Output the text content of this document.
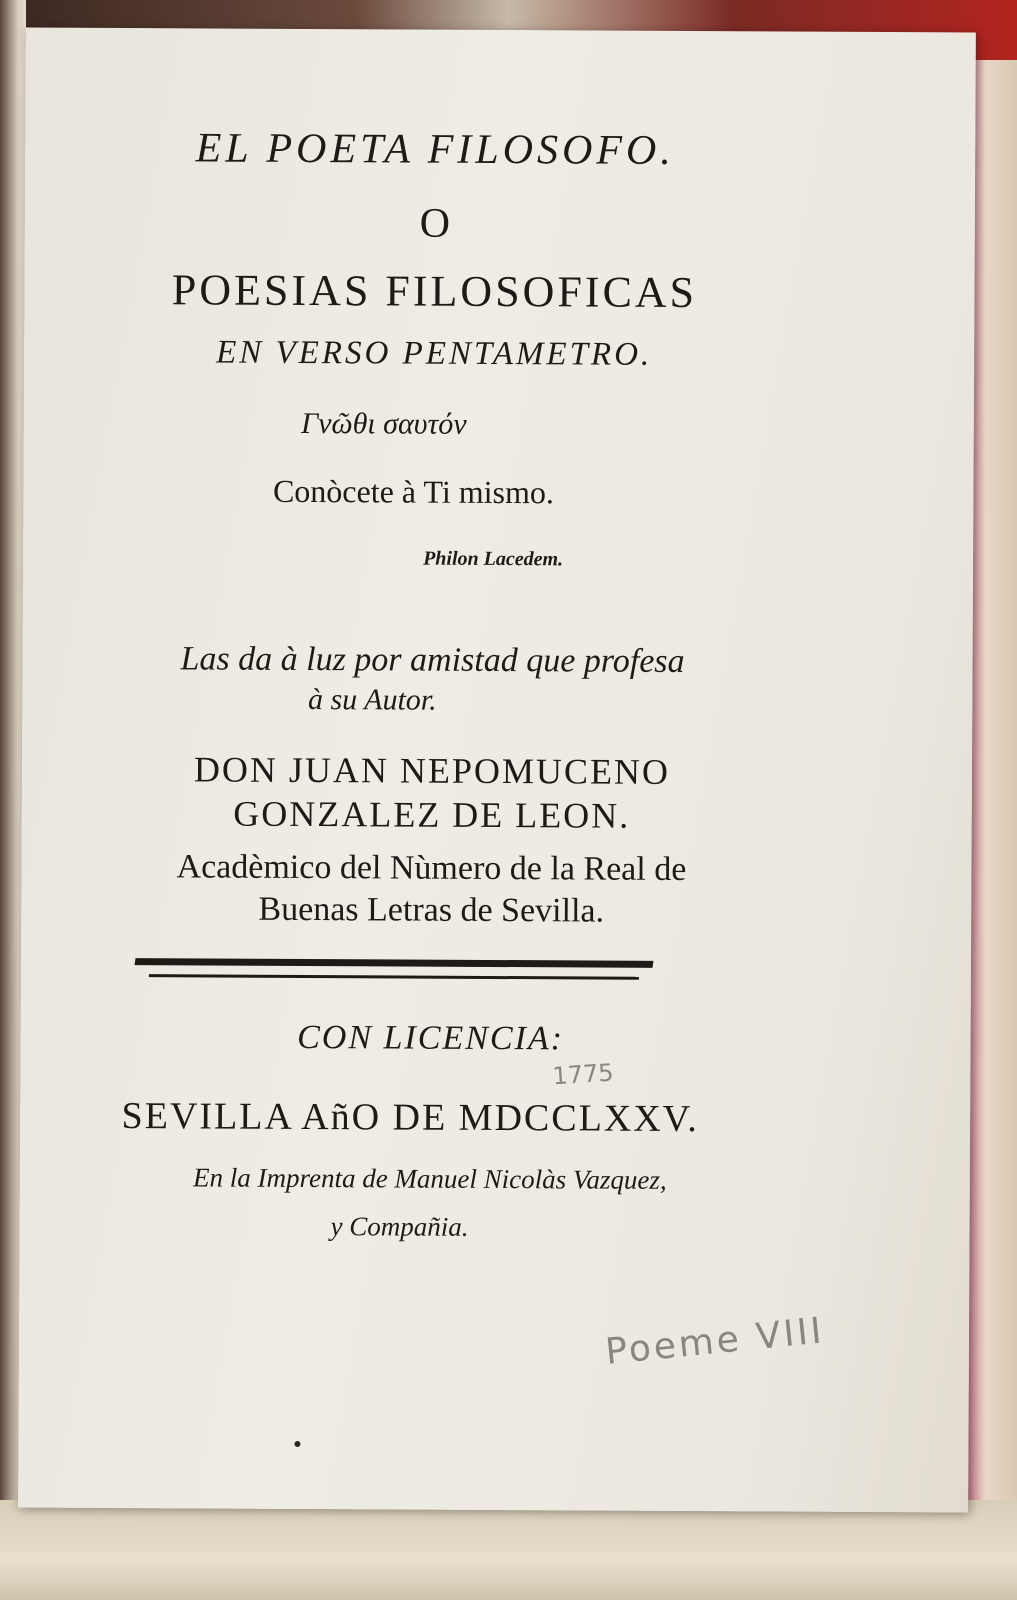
EL POETA FILOSOFO.
O
POESIAS FILOSOFICAS
EN VERSO PENTAMETRO.
Γνῶθι σαυτόν
Conòcete à Ti mismo.
Philon Lacedem.
Las da à luz por amistad que profesa
à su Autor.
DON JUAN NEPOMUCENO
GONZALEZ DE LEON.
Acadèmico del Nùmero de la Real de
Buenas Letras de Sevilla.
CON LICENCIA:
SEVILLA AñO DE MDCCLXXV.
En la Imprenta de Manuel Nicolàs Vazquez,
y Compañia.
1775
Poeme VIII
